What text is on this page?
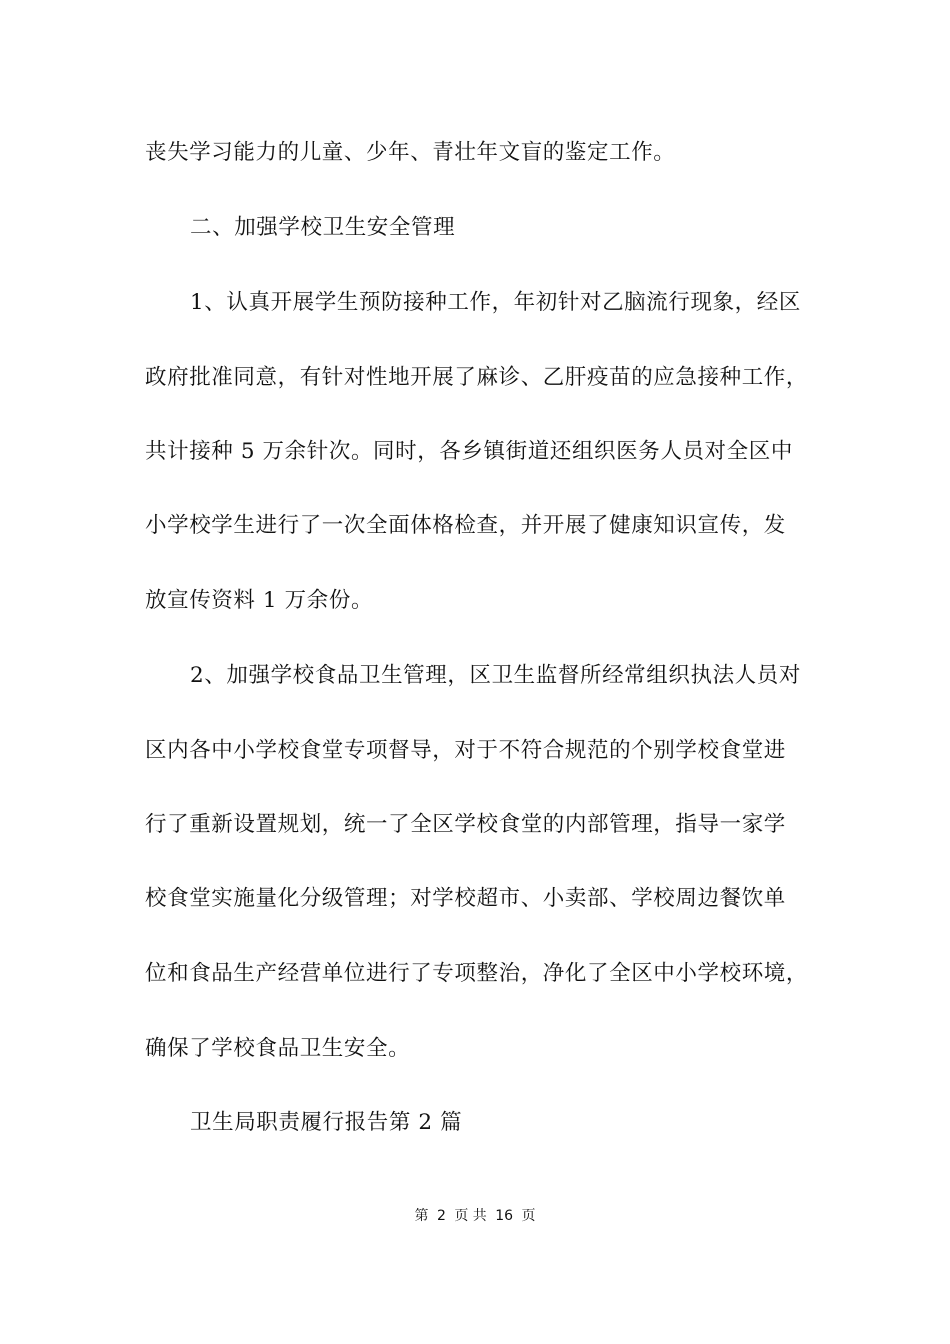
丧失学习能力的儿童、少年、青壮年文盲的鉴定工作。
二、加强学校卫生安全管理
1、认真开展学生预防接种工作，年初针对乙脑流行现象，经区
政府批准同意，有针对性地开展了麻诊、乙肝疫苗的应急接种工作，
共计接种 5 万余针次。同时，各乡镇街道还组织医务人员对全区中
小学校学生进行了一次全面体格检查，并开展了健康知识宣传，发
放宣传资料 1 万余份。
2、加强学校食品卫生管理，区卫生监督所经常组织执法人员对
区内各中小学校食堂专项督导，对于不符合规范的个别学校食堂进
行了重新设置规划，统一了全区学校食堂的内部管理，指导一家学
校食堂实施量化分级管理；对学校超市、小卖部、学校周边餐饮单
位和食品生产经营单位进行了专项整治，净化了全区中小学校环境，
确保了学校食品卫生安全。
卫生局职责履行报告第 2 篇
第 2 页 共 16 页
